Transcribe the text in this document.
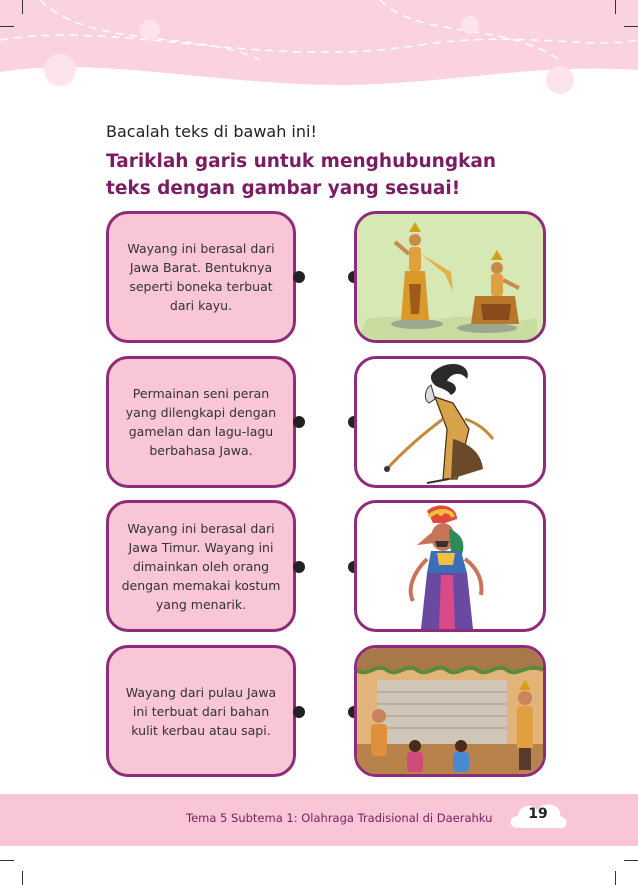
Bacalah teks di bawah ini!
Tariklah garis untuk menghubungkan teks dengan gambar yang sesuai!
Wayang ini berasal dari Jawa Barat. Bentuknya seperti boneka terbuat dari kayu.
Permainan seni peran yang dilengkapi dengan gamelan dan lagu-lagu berbahasa Jawa.
Wayang ini berasal dari Jawa Timur. Wayang ini dimainkan oleh orang dengan memakai kostum yang menarik.
Wayang dari pulau Jawa ini terbuat dari bahan kulit kerbau atau sapi.
Tema 5 Subtema 1: Olahraga Tradisional di Daerahku	19
